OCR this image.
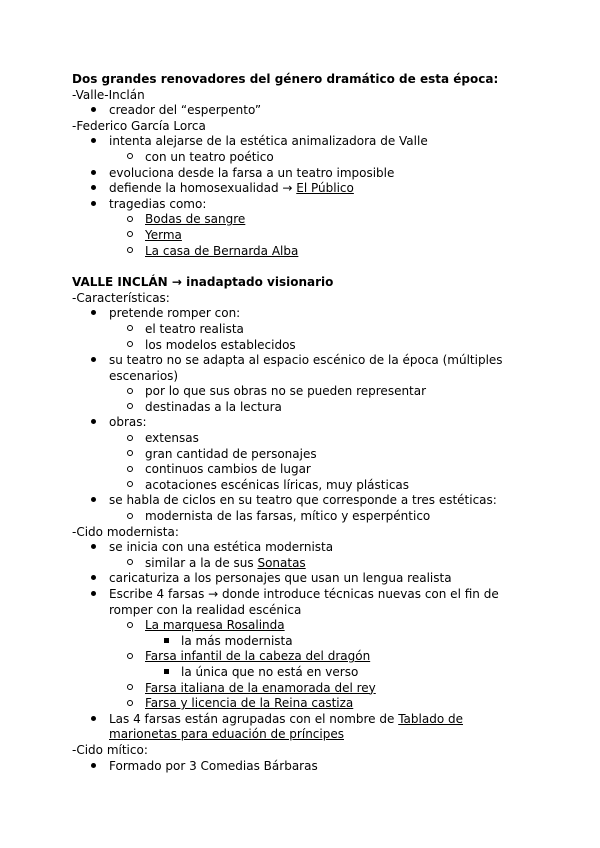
Dos grandes renovadores del género dramático de esta época:
-Valle-Inclán
creador del “esperpento”
-Federico García Lorca
intenta alejarse de la estética animalizadora de Valle
con un teatro poético
evoluciona desde la farsa a un teatro imposible
defiende la homosexualidad → El Público
tragedias como:
Bodas de sangre
Yerma
La casa de Bernarda Alba
VALLE INCLÁN → inadaptado visionario
-Características:
pretende romper con:
el teatro realista
los modelos establecidos
su teatro no se adapta al espacio escénico de la época (múltiples escenarios)
por lo que sus obras no se pueden representar
destinadas a la lectura
obras:
extensas
gran cantidad de personajes
continuos cambios de lugar
acotaciones escénicas líricas, muy plásticas
se habla de ciclos en su teatro que corresponde a tres estéticas:
modernista de las farsas, mítico y esperpéntico
-Cido modernista:
se inicia con una estética modernista
similar a la de sus Sonatas
caricaturiza a los personajes que usan un lengua realista
Escribe 4 farsas → donde introduce técnicas nuevas con el fin de romper con la realidad escénica
La marquesa Rosalinda
la más modernista
Farsa infantil de la cabeza del dragón
la única que no está en verso
Farsa italiana de la enamorada del rey
Farsa y licencia de la Reina castiza
Las 4 farsas están agrupadas con el nombre de Tablado de marionetas para eduación de príncipes
-Cido mítico:
Formado por 3 Comedias Bárbaras
